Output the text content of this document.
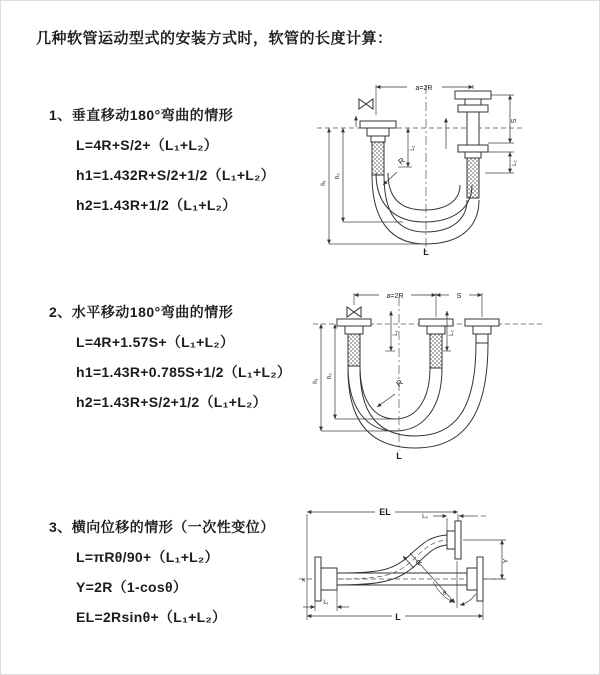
几种软管运动型式的安装方式时，软管的长度计算：
1、垂直移动180°弯曲的情形
L=4R+S/2+（L₁+L₂）
h1=1.432R+S/2+1/2（L₁+L₂）
h2=1.43R+1/2（L₁+L₂）
a=2R
S
L₂
L₁
h₁
h₂
R
L
2、水平移动180°弯曲的情形
L=4R+1.57S+（L₁+L₂）
h1=1.43R+0.785S+1/2（L₁+L₂）
h2=1.43R+S/2+1/2（L₁+L₂）
a=2R	S
L₁	L₂
h₁
h₂
R
L
3、横向位移的情形（一次性变位）
L=πRθ/90+（L₁+L₂）
Y=2R（1-cosθ）
EL=2Rsinθ+（L₁+L₂）
✕
EL	L₂
Y
θ
R
L
L₁
